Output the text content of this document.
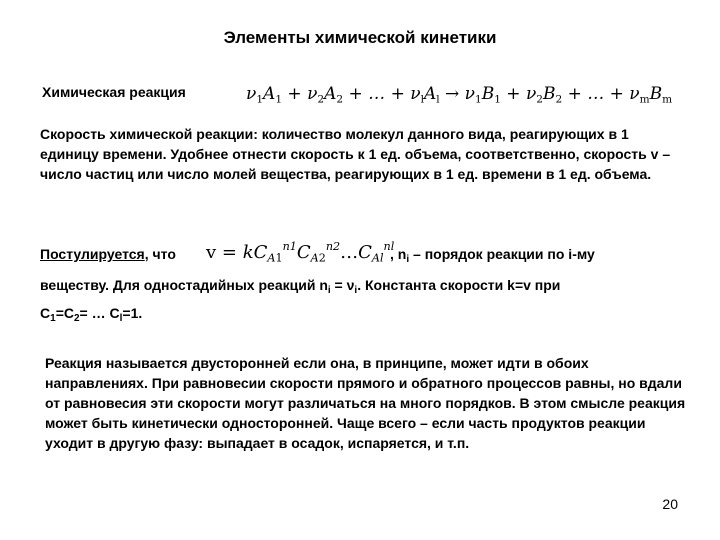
Элементы химической кинетики
Химическая реакция	$\nu_1A_1 + \nu_2A_2$ + … + $\nu_lA_l \to \nu_1B_1 + \nu_2B_2$ + … + $\nu_mB_m$
Скорость химической реакции: количество молекул данного вида, реагирующих в 1 единицу времени. Удобнее отнести скорость к 1 ед. объема, соответственно, скорость v – число частиц или число молей вещества, реагирующих в 1 ед. времени в 1 ед. объема.
Постулируется, что $v = kC_{A1}^{n1}C_{A2}^{n2}\dots C_{Al}^{nl}$
, $n_i$ – порядок реакции по i-му
веществу. Для одностадийных реакций $n_i = \nu_i$. Константа скорости k=v при
$С_1=С_2=$ … $С_l=1$.
Реакция называется двусторонней если она, в принципе, может идти в обоих направлениях. При равновесии скорости прямого и обратного процессов равны, но вдали от равновесия эти скорости могут различаться на много порядков. В этом смысле реакция может быть кинетически односторонней. Чаще всего – если часть продуктов реакции уходит в другую фазу: выпадает в осадок, испаряется, и т.п.
20
